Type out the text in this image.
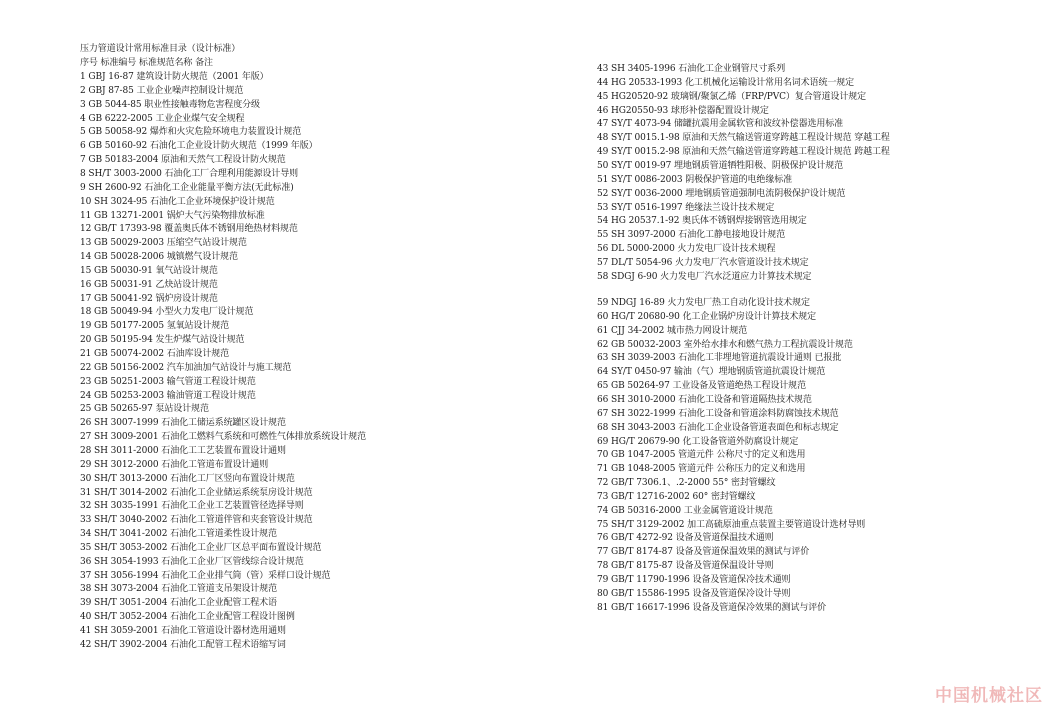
压力管道设计常用标准目录（设计标准）
序号 标准编号 标准规范名称 备注
1 GBJ 16-87 建筑设计防火规范（2001 年版）
2 GBJ 87-85 工业企业噪声控制设计规范
3 GB 5044-85 职业性接触毒物危害程度分级
4 GB 6222-2005 工业企业煤气安全规程
5 GB 50058-92 爆炸和火灾危险环境电力装置设计规范
6 GB 50160-92 石油化工企业设计防火规范（1999 年版）
7 GB 50183-2004 原油和天然气工程设计防火规范
8 SH/T 3003-2000 石油化工厂合理利用能源设计导则
9 SH 2600-92 石油化工企业能量平衡方法(无此标准)
10 SH 3024-95 石油化工企业环境保护设计规范
11 GB 13271-2001 锅炉大气污染物排放标准
12 GB/T 17393-98 覆盖奥氏体不锈钢用绝热材料规范
13 GB 50029-2003 压缩空气站设计规范
14 GB 50028-2006 城镇燃气设计规范
15 GB 50030-91 氧气站设计规范
16 GB 50031-91 乙炔站设计规范
17 GB 50041-92 锅炉房设计规范
18 GB 50049-94 小型火力发电厂设计规范
19 GB 50177-2005 氢氧站设计规范
20 GB 50195-94 发生炉煤气站设计规范
21 GB 50074-2002 石油库设计规范
22 GB 50156-2002 汽车加油加气站设计与施工规范
23 GB 50251-2003 输气管道工程设计规范
24 GB 50253-2003 输油管道工程设计规范
25 GB 50265-97 泵站设计规范
26 SH 3007-1999 石油化工储运系统罐区设计规范
27 SH 3009-2001 石油化工燃料气系统和可燃性气体排放系统设计规范
28 SH 3011-2000 石油化工工艺装置布置设计通则
29 SH 3012-2000 石油化工管道布置设计通则
30 SH/T 3013-2000 石油化工厂区竖向布置设计规范
31 SH/T 3014-2002 石油化工企业储运系统泵房设计规范
32 SH 3035-1991 石油化工企业工艺装置管径选择导则
33 SH/T 3040-2002 石油化工管道伴管和夹套管设计规范
34 SH/T 3041-2002 石油化工管道柔性设计规范
35 SH/T 3053-2002 石油化工企业厂区总平面布置设计规范
36 SH 3054-1993 石油化工企业厂区管线综合设计规范
37 SH 3056-1994 石油化工企业排气筒（管）采样口设计规范
38 SH 3073-2004 石油化工管道支吊架设计规范
39 SH/T 3051-2004 石油化工企业配管工程术语
40 SH/T 3052-2004 石油化工企业配管工程设计图例
41 SH 3059-2001 石油化工管道设计器材选用通则
42 SH/T 3902-2004 石油化工配管工程术语缩写词
43 SH 3405-1996 石油化工企业钢管尺寸系列
44 HG 20533-1993 化工机械化运输设计常用名词术语统一规定
45 HG20520-92 玻璃钢/聚氯乙烯（FRP/PVC）复合管道设计规定
46 HG20550-93 球形补偿器配置设计规定
47 SY/T 4073-94 储罐抗震用金属软管和波纹补偿器选用标准
48 SY/T 0015.1-98 原油和天然气输送管道穿跨越工程设计规范 穿越工程
49 SY/T 0015.2-98 原油和天然气输送管道穿跨越工程设计规范 跨越工程
50 SY/T 0019-97 埋地钢质管道牺牲阳极、阴极保护设计规范
51 SY/T 0086-2003 阴极保护管道的电绝缘标准
52 SY/T 0036-2000 埋地钢质管道强制电流阴极保护设计规范
53 SY/T 0516-1997 绝缘法兰设计技术规定
54 HG 20537.1-92 奥氏体不锈钢焊接钢管选用规定
55 SH 3097-2000 石油化工静电接地设计规范
56 DL 5000-2000 火力发电厂设计技术规程
57 DL/T 5054-96 火力发电厂汽水管道设计技术规定
58 SDGJ 6-90 火力发电厂汽水泛道应力计算技术规定
59 NDGJ 16-89 火力发电厂热工自动化设计技术规定
60 HG/T 20680-90 化工企业锅炉房设计计算技术规定
61 CJJ 34-2002 城市热力网设计规范
62 GB 50032-2003 室外给水排水和燃气热力工程抗震设计规范
63 SH 3039-2003 石油化工非埋地管道抗震设计通则 已报批
64 SY/T 0450-97 输油（气）埋地钢质管道抗震设计规范
65 GB 50264-97 工业设备及管道绝热工程设计规范
66 SH 3010-2000 石油化工设备和管道隔热技术规范
67 SH 3022-1999 石油化工设备和管道涂料防腐蚀技术规范
68 SH 3043-2003 石油化工企业设备管道表面色和标志规定
69 HG/T 20679-90 化工设备管道外防腐设计规定
70 GB 1047-2005 管道元件 公称尺寸的定义和选用
71 GB 1048-2005 管道元件 公称压力的定义和选用
72 GB/T 7306.1、.2-2000 55° 密封管螺纹
73 GB/T 12716-2002 60° 密封管螺纹
74 GB 50316-2000 工业金属管道设计规范
75 SH/T 3129-2002 加工高硫原油重点装置主要管道设计选材导则
76 GB/T 4272-92 设备及管道保温技术通则
77 GB/T 8174-87 设备及管道保温效果的测试与评价
78 GB/T 8175-87 设备及管道保温设计导则
79 GB/T 11790-1996 设备及管道保冷技术通则
80 GB/T 15586-1995 设备及管道保冷设计导则
81 GB/T 16617-1996 设备及管道保冷效果的测试与评价
中国机械社区
